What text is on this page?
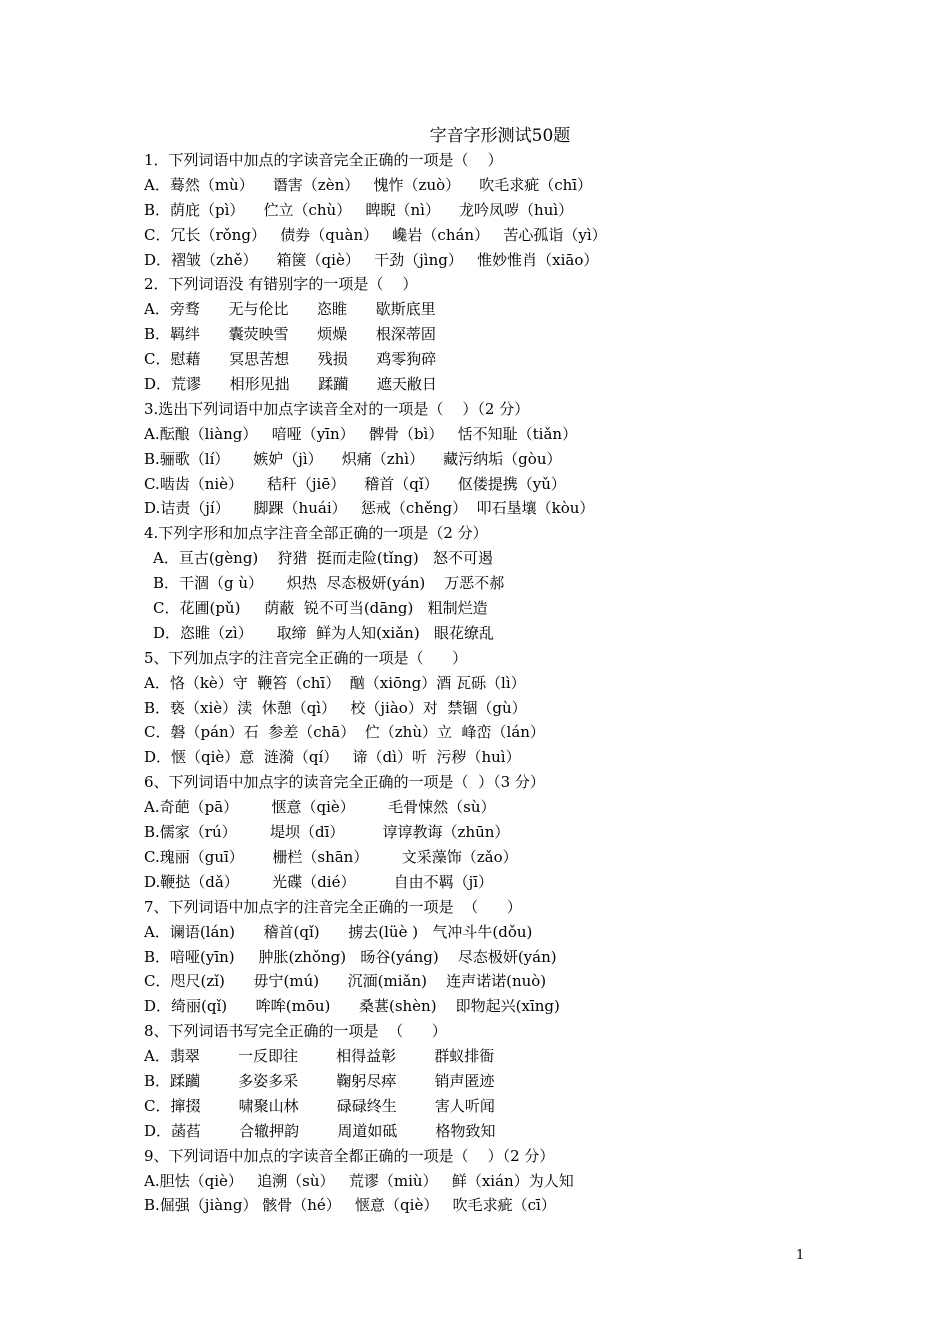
字音字形测试50题
1．下列词语中加点的字读音完全正确的一项是（    ）
A．蓦然（mù）    谮害（zèn）   愧怍（zuò）    吹毛求疵（chī）
B．荫庇（pì）    伫立（chù）   睥睨（nì）    龙吟凤哕（huì）
C．冗长（rǒng）   债券（quàn）   巉岩（chán）   苦心孤诣（yì）
D．褶皱（zhě）    箱箧（qiè）   干劲（jìng）   惟妙惟肖（xiāo）
2．下列词语没 有错别字的一项是（    ）
A．旁骛      无与伦比      恣睢      歇斯底里
B．羁绊      囊荧映雪      烦燥      根深蒂固
C．慰藉      冥思苦想      残损      鸡零狗碎
D．荒谬      相形见拙      蹂躏      遮天敝日
3.选出下列词语中加点字读音全对的一项是（    ）（2 分）
A.酝酿（liàng）   喑哑（yīn）   髀骨（bì）   恬不知耻（tiǎn）
B.骊歌（lí）     嫉妒（jì）    炽痛（zhì）    藏污纳垢（gòu）
C.啮齿（niè）     秸秆（jiē）    稽首（qǐ）    伛偻提携（yǔ）
D.诘责（jí）     脚踝（huái）   惩戒（chěng）  叩石垦壤（kòu）
4.下列字形和加点字注音全部正确的一项是（2 分）
A．亘古(gèng)    狩猎  挺而走险(tǐng)   怒不可遏
B．干涸（g ù）     炽热  尽态极妍(yán)    万恶不郝
C．花圃(pǔ)     荫蔽  锐不可当(dāng)   粗制烂造
D．恣睢（zì）     取缔  鲜为人知(xiǎn)   眼花缭乱
5、下列加点字的注音完全正确的一项是（      ）
A．恪（kè）守  鞭笞（chī）  酗（xiōng）酒 瓦砾（lì）
B．亵（xiè）渎  休憩（qì）   校（jiào）对  禁锢（gù）
C．磐（pán）石  参差（chā）  伫（zhù）立  峰峦（lán）
D．惬（qiè）意  涟漪（qí）   谛（dì）听  污秽（huì）
6、下列词语中加点字的读音完全正确的一项是（  ）（3 分）
A.奇葩（pā）       惬意（qiè）       毛骨悚然（sù）
B.儒家（rú）       堤坝（dī）        谆谆教诲（zhūn）
C.瑰丽（guī）      栅栏（shān）       文采藻饰（zǎo）
D.鞭挞（dǎ）       光碟（dié）        自由不羁（jī）
7、下列词语中加点字的注音完全正确的一项是  （      ）
A．谰语(lán)      稽首(qǐ)      掳去(lüè )   气冲斗牛(dǒu)
B．喑哑(yīn)     肿胀(zhǒng)   旸谷(yáng)    尽态极妍(yán)
C．咫尺(zǐ)      毋宁(mú)      沉湎(miǎn)    连声诺诺(nuò)
D．绮丽(qǐ)      哞哞(mōu)      桑葚(shèn)    即物起兴(xīng)
8、下列词语书写完全正确的一项是  （      ）
A．翡翠        一反即往        相得益彰        群蚁排衙
B．蹂躏        多姿多采        鞠躬尽瘁        销声匿迹
C．撺掇        啸聚山林        碌碌终生        害人听闻
D．菡萏        合辙押韵        周道如砥        格物致知
9、下列词语中加点的字读音全都正确的一项是（    ）（2 分）
A.胆怯（qiè）   追溯（sù）   荒谬（miù）   鲜（xián）为人知
B.倔强（jiàng） 骸骨（hé）   惬意（qiè）   吹毛求疵（cī）
1
